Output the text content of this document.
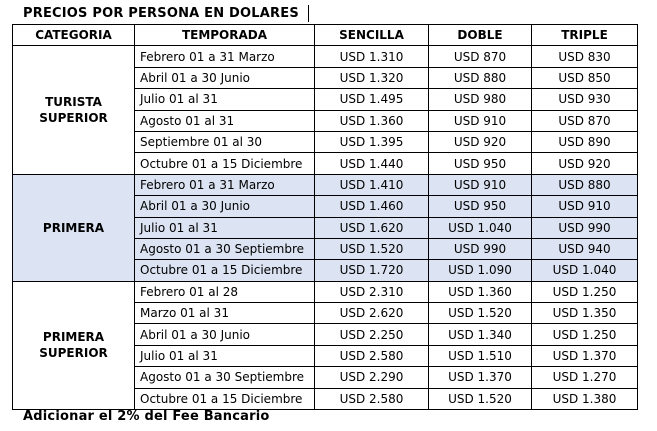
PRECIOS POR PERSONA EN DOLARES
CATEGORIA	TEMPORADA	SENCILLA	DOBLE	TRIPLE
TURISTA SUPERIOR	Febrero 01 a 31 Marzo	USD 1.310	USD 870	USD 830
	Abril 01 a 30 Junio	USD 1.320	USD 880	USD 850
	Julio 01 al 31	USD 1.495	USD 980	USD 930
	Agosto 01 al 31	USD 1.360	USD 910	USD 870
	Septiembre 01 al 30	USD 1.395	USD 920	USD 890
	Octubre 01 a 15 Diciembre	USD 1.440	USD 950	USD 920
PRIMERA	Febrero 01 a 31 Marzo	USD 1.410	USD 910	USD 880
	Abril 01 a 30 Junio	USD 1.460	USD 950	USD 910
	Julio 01 al 31	USD 1.620	USD 1.040	USD 990
	Agosto 01 a 30 Septiembre	USD 1.520	USD 990	USD 940
	Octubre 01 a 15 Diciembre	USD 1.720	USD 1.090	USD 1.040
PRIMERA SUPERIOR	Febrero 01 al 28	USD 2.310	USD 1.360	USD 1.250
	Marzo 01 al 31	USD 2.620	USD 1.520	USD 1.350
	Abril 01 a 30 Junio	USD 2.250	USD 1.340	USD 1.250
	Julio 01 al 31	USD 2.580	USD 1.510	USD 1.370
	Agosto 01 a 30 Septiembre	USD 2.290	USD 1.370	USD 1.270
	Octubre 01 a 15 Diciembre	USD 2.580	USD 1.520	USD 1.380
Adicionar el 2% del Fee Bancario
